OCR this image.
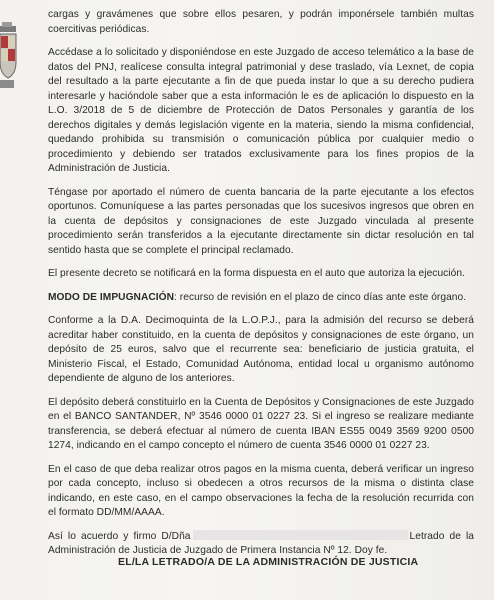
cargas y gravámenes que sobre ellos pesaren, y podrán imponérsele también multas coercitivas periódicas.

Accédase a lo solicitado y disponiéndose en este Juzgado de acceso telemático a la base de datos del PNJ, realícese consulta integral patrimonial y dese traslado, vía Lexnet, de copia del resultado a la parte ejecutante a fin de que pueda instar lo que a su derecho pudiera interesarle y hacióndole saber que a esta información le es de aplicación lo dispuesto en la L.O. 3/2018 de 5 de diciembre de Protección de Datos Personales y garantía de los derechos digitales y demás legislación vigente en la materia, siendo la misma confidencial, quedando prohibida su transmisión o comunicación pública por cualquier medio o procedimiento y debiendo ser tratados exclusivamente para los fines propios de la Administración de Justicia.

Téngase por aportado el número de cuenta bancaria de la parte ejecutante a los efectos oportunos. Comuníquese a las partes personadas que los sucesivos ingresos que obren en la cuenta de depósitos y consignaciones de este Juzgado vinculada al presente procedimiento serán transferidos a la ejecutante directamente sin dictar resolución en tal sentido hasta que se complete el principal reclamado.

El presente decreto se notificará en la forma dispuesta en el auto que autoriza la ejecución.

MODO DE IMPUGNACIÓN: recurso de revisión en el plazo de cinco días ante este órgano.

Conforme a la D.A. Decimoquinta de la L.O.P.J., para la admisión del recurso se deberá acreditar haber constituido, en la cuenta de depósitos y consignaciones de este órgano, un depósito de 25 euros, salvo que el recurrente sea: beneficiario de justicia gratuita, el Ministerio Fiscal, el Estado, Comunidad Autónoma, entidad local u organismo autónomo dependiente de alguno de los anteriores.

El depósito deberá constituirlo en la Cuenta de Depósitos y Consignaciones de este Juzgado en el BANCO SANTANDER, Nº 3546 0000 01 0227 23. Si el ingreso se realizare mediante transferencia, se deberá efectuar al número de cuenta IBAN ES55 0049 3569 9200 0500 1274, indicando en el campo concepto el número de cuenta 3546 0000 01 0227 23.

En el caso de que deba realizar otros pagos en la misma cuenta, deberá verificar un ingreso por cada concepto, incluso si obedecen a otros recursos de la misma o distinta clase indicando, en este caso, en el campo observaciones la fecha de la resolución recurrida con el formato DD/MM/AAAA.

Así lo acuerdo y firmo D/Dña	Letrado de la Administración de Justicia de Juzgado de Primera Instancia Nº 12. Doy fe.

EL/LA LETRADO/A DE LA ADMINISTRACIÓN DE JUSTICIA
